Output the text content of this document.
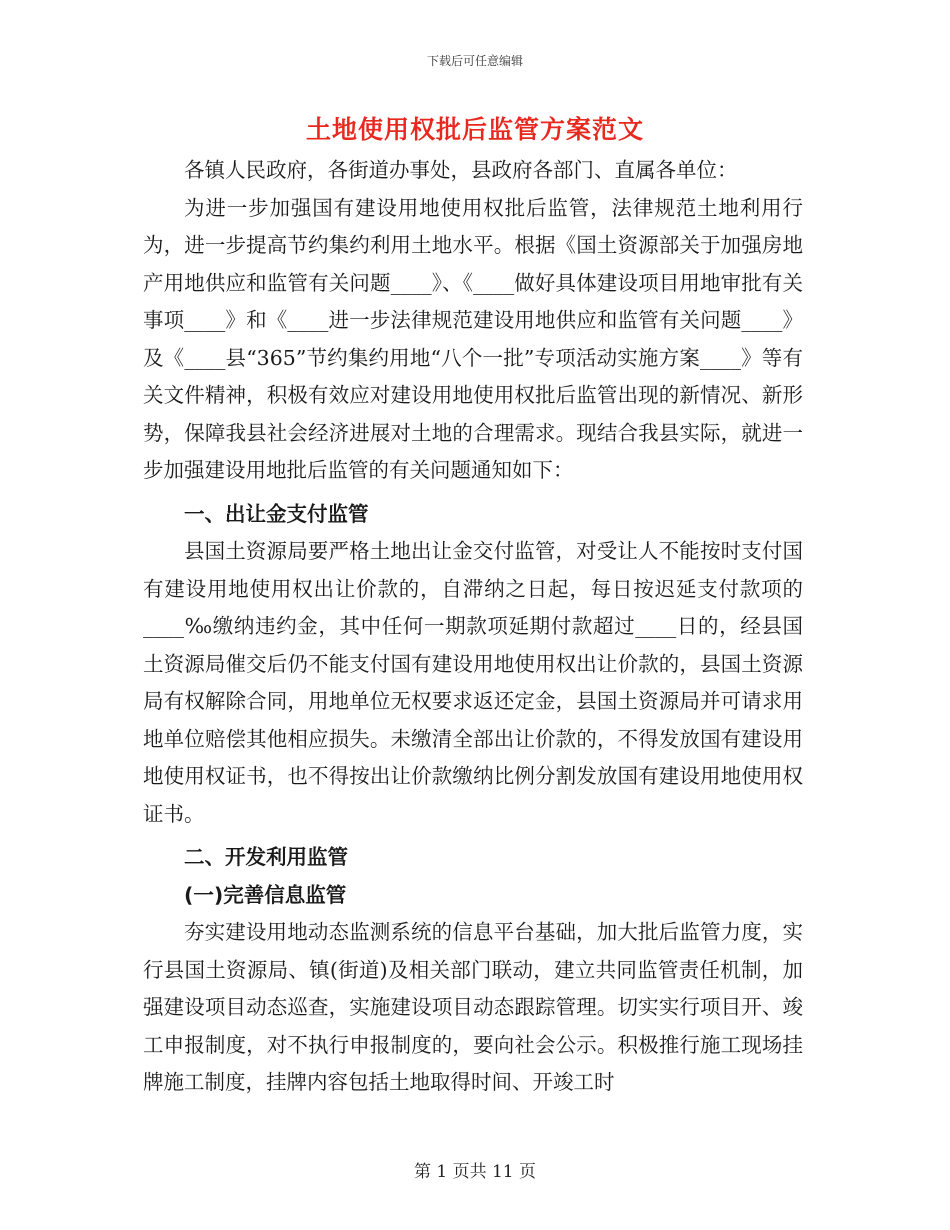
下载后可任意编辑
土地使用权批后监管方案范文

各镇人民政府，各街道办事处，县政府各部门、直属各单位：

为进一步加强国有建设用地使用权批后监管，法律规范土地利用行为，进一步提高节约集约利用土地水平。根据《国土资源部关于加强房地产用地供应和监管有关问题____》、《____做好具体建设项目用地审批有关事项____》和《____进一步法律规范建设用地供应和监管有关问题____》及《____县“365”节约集约用地“八个一批”专项活动实施方案____》等有关文件精神，积极有效应对建设用地使用权批后监管出现的新情况、新形势，保障我县社会经济进展对土地的合理需求。现结合我县实际，就进一步加强建设用地批后监管的有关问题通知如下：

一、出让金支付监管

县国土资源局要严格土地出让金交付监管，对受让人不能按时支付国有建设用地使用权出让价款的，自滞纳之日起，每日按迟延支付款项的____‰缴纳违约金，其中任何一期款项延期付款超过____日的，经县国土资源局催交后仍不能支付国有建设用地使用权出让价款的，县国土资源局有权解除合同，用地单位无权要求返还定金，县国土资源局并可请求用地单位赔偿其他相应损失。未缴清全部出让价款的，不得发放国有建设用地使用权证书，也不得按出让价款缴纳比例分割发放国有建设用地使用权证书。

二、开发利用监管
(一)完善信息监管

夯实建设用地动态监测系统的信息平台基础，加大批后监管力度，实行县国土资源局、镇(街道)及相关部门联动，建立共同监管责任机制，加强建设项目动态巡查，实施建设项目动态跟踪管理。切实实行项目开、竣工申报制度，对不执行申报制度的，要向社会公示。积极推行施工现场挂牌施工制度，挂牌内容包括土地取得时间、开竣工时

第 1 页共 11 页
